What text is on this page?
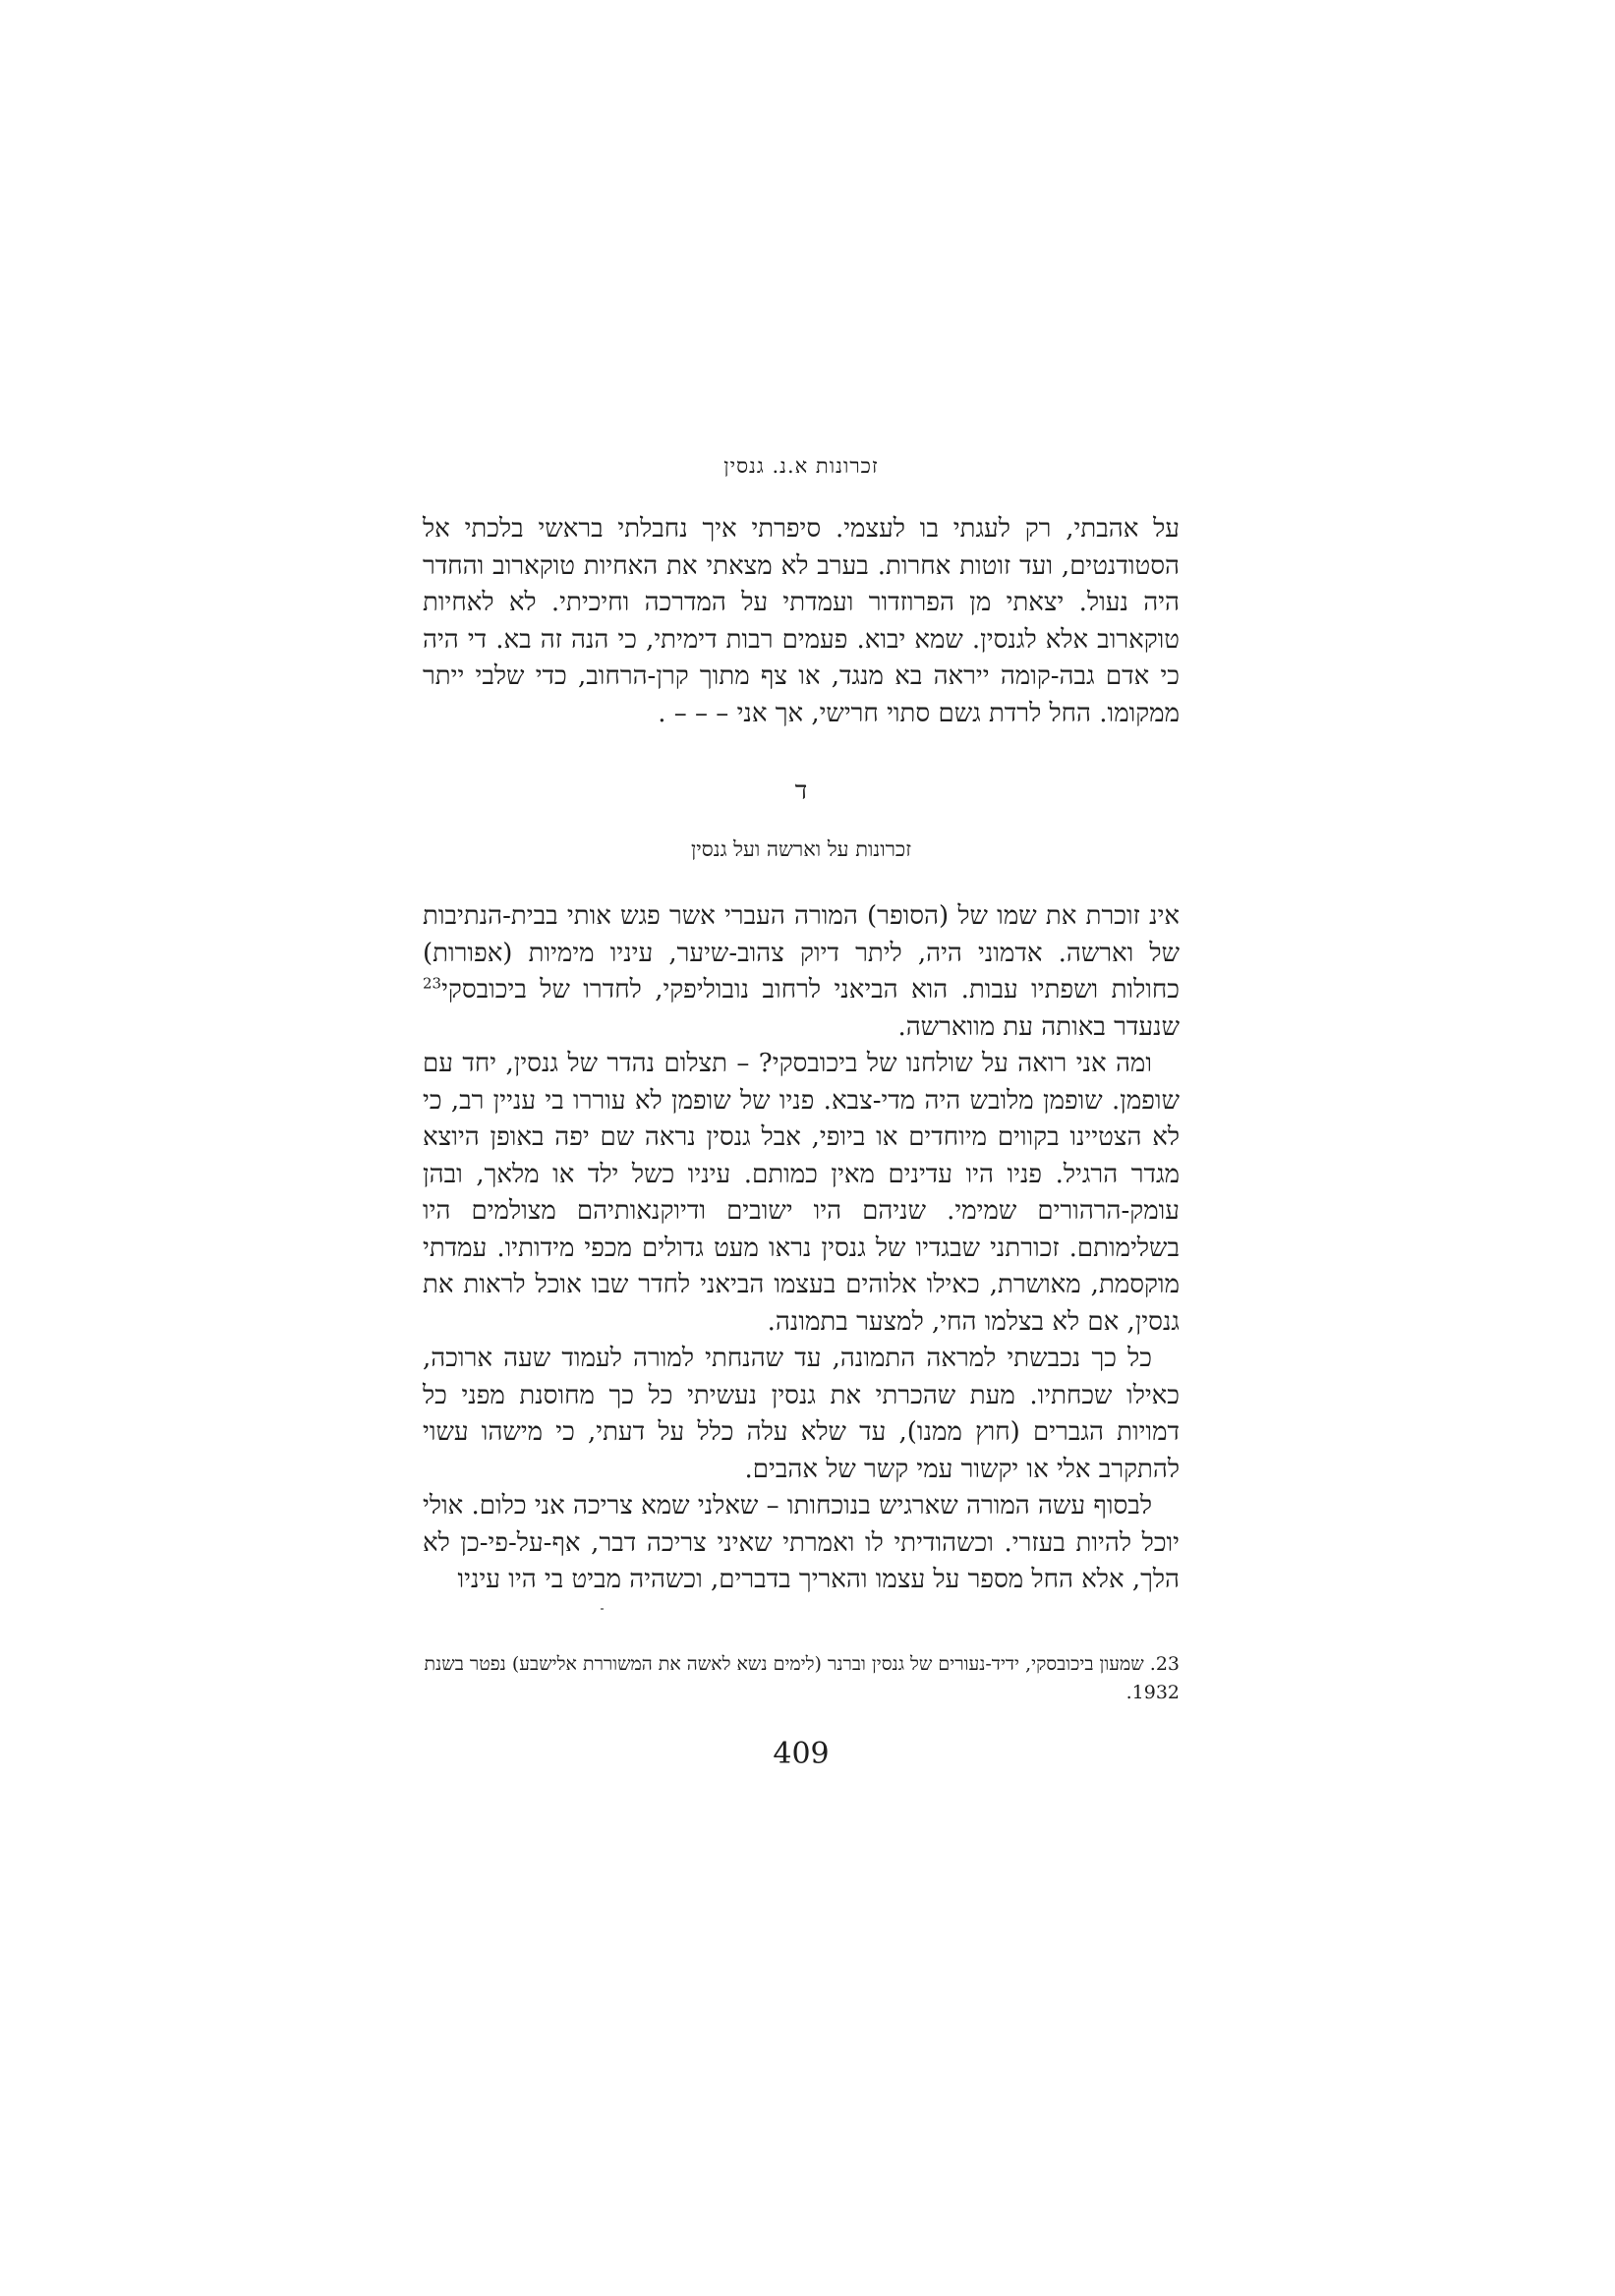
זכרונות א.נ. גנסין

על אהבתי, רק לעגתי בו לעצמי. סיפרתי איך נחבלתי בראשי בלכתי אל הסטודנטים, ועד זוטות אחרות. בערב לא מצאתי את האחיות טוקארוב והחדר היה נעול. יצאתי מן הפרוזדור ועמדתי על המדרכה וחיכיתי. לא לאחיות טוקארוב אלא לגנסין. שמא יבוא. פעמים רבות דימיתי, כי הנה זה בא. די היה כי אדם גבה-קומה ייראה בא מנגד, או צף מתוך קרן-הרחוב, כדי שלבי ייתר ממקומו. החל לרדת גשם סתוי חרישי, אך אני – – – .

ד
זכרונות על וארשה ועל גנסין

אינ זוכרת את שמו של (הסופר) המורה העברי אשר פגש אותי בבית-הנתיבות של וארשה. אדמוני היה, ליתר דיוק צהוב-שיער, עיניו מימיות (אפורות) כחולות ושפתיו עבות. הוא הביאני לרחוב נובוליפקי, לחדרו של ביכובסקי$^{23}$ שנעדר באותה עת מווארשה.

ומה אני רואה על שולחנו של ביכובסקי? – תצלום נהדר של גנסין, יחד עם שופמן. שופמן מלובש היה מדי-צבא. פניו של שופמן לא עוררו בי עניין רב, כי לא הצטיינו בקווים מיוחדים או ביופי, אבל גנסין נראה שם יפה באופן היוצא מגדר הרגיל. פניו היו עדינים מאין כמותם. עיניו כשל ילד או מלאך, ובהן עומק-הרהורים שמימי. שניהם היו ישובים ודיוקנאותיהם מצולמים היו בשלימותם. זכורתני שבגדיו של גנסין נראו מעט גדולים מכפי מידותיו. עמדתי מוקסמת, מאושרת, כאילו אלוהים בעצמו הביאני לחדר שבו אוכל לראות את גנסין, אם לא בצלמו החי, למצער בתמונה.

כל כך נכבשתי למראה התמונה, עד שהנחתי למורה לעמוד שעה ארוכה, כאילו שכחתיו. מעת שהכרתי את גנסין נעשיתי כל כך מחוסנת מפני כל דמויות הגברים (חוץ ממנו), עד שלא עלה כלל על דעתי, כי מישהו עשוי להתקרב אלי או יקשור עמי קשר של אהבים.

לבסוף עשה המורה שארגיש בנוכחותו – שאלני שמא צריכה אני כלום. אולי יוכל להיות בעזרי. וכשהודיתי לו ואמרתי שאיני צריכה דבר, אף-על-פי-כן לא הלך, אלא החל מספר על עצמו והאריך בדברים, וכשהיה מביט בי היו עיניו

23. שמעון ביכובסקי, ידיד-נעורים של גנסין וברנר (לימים נשא לאשה את המשוררת אלישבע) נפטר בשנת 1932.
409
